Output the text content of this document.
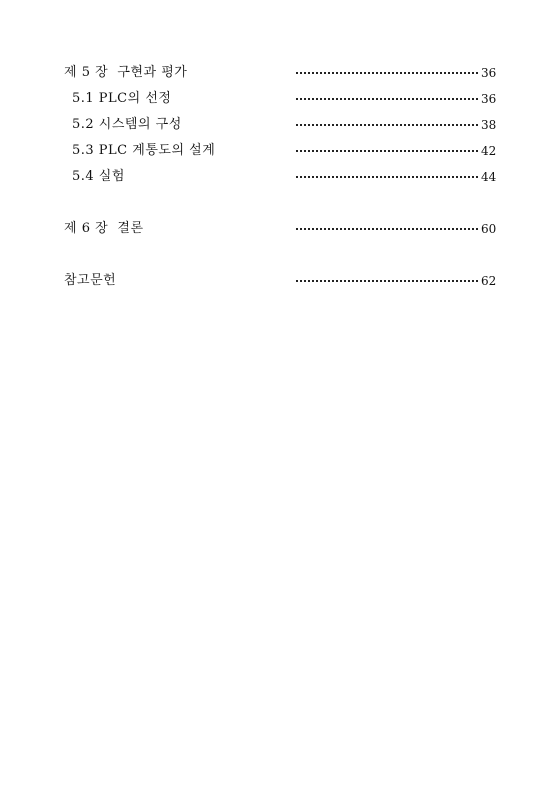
제 5 장  구현과 평가	36
5.1 PLC의 선정	36
5.2 시스템의 구성	38
5.3 PLC 계통도의 설계	42
5.4 실험	44
제 6 장  결론	60
참고문헌	62
